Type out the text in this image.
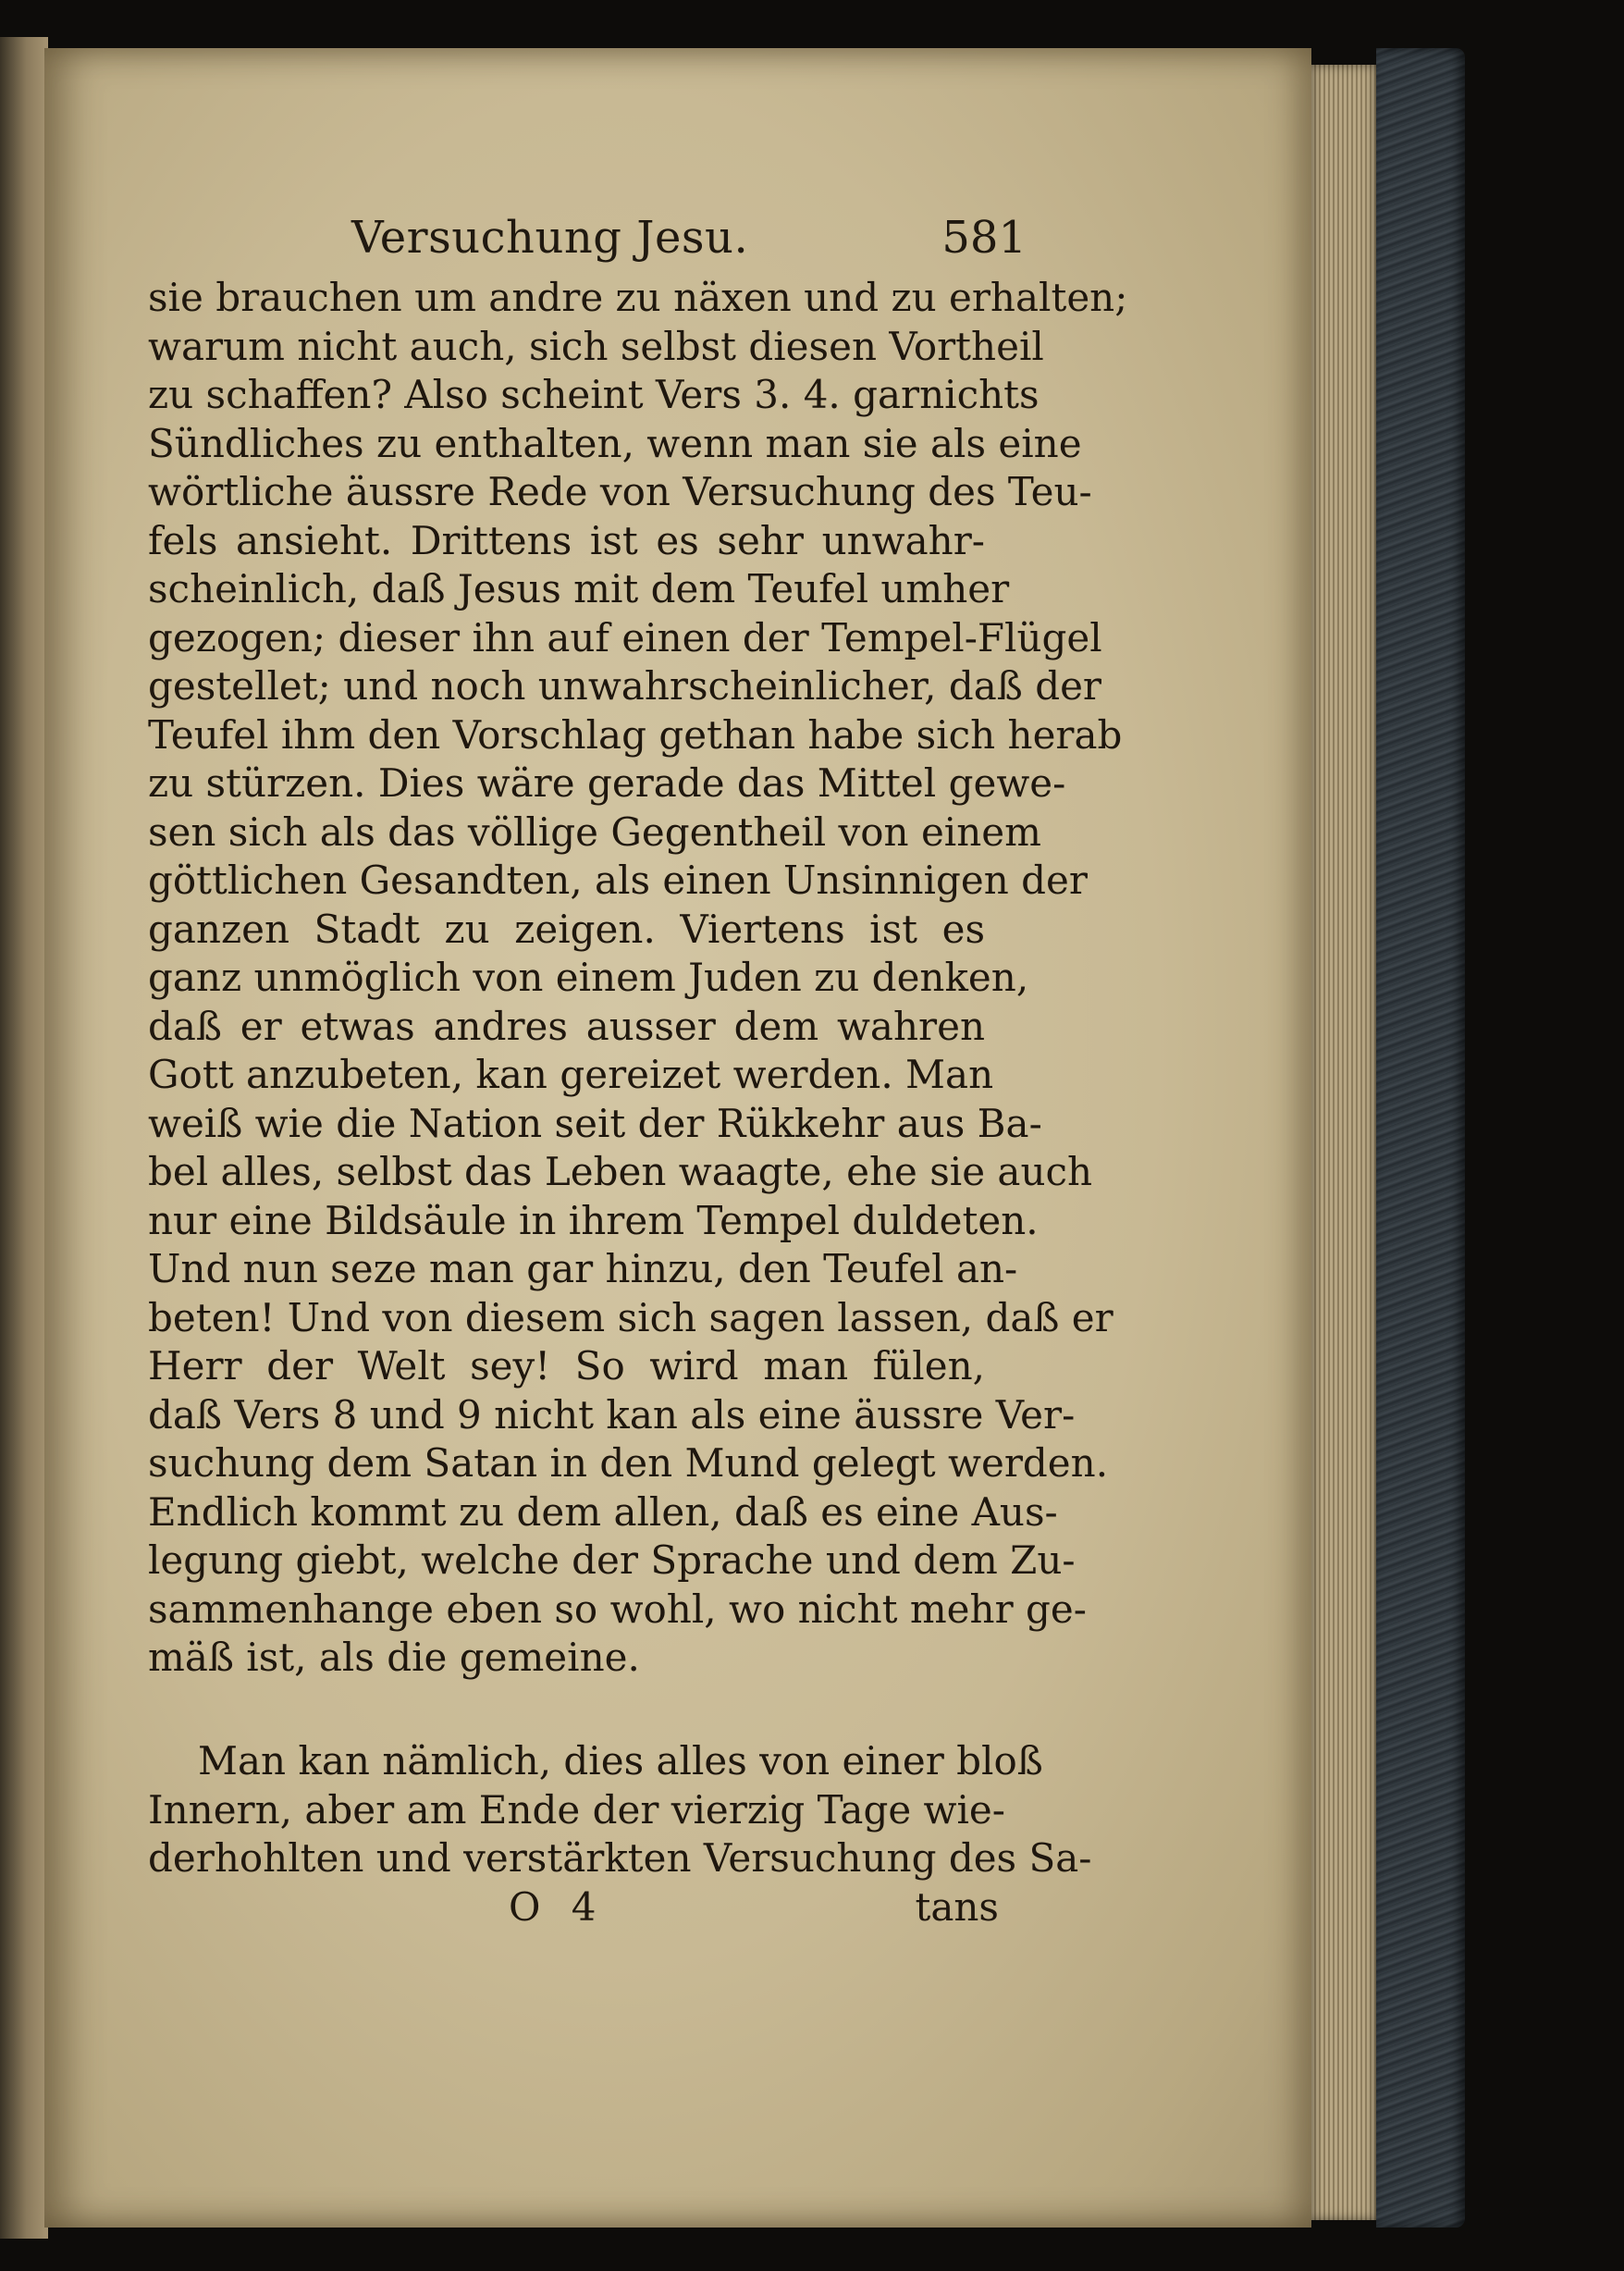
Versuchung Jesu.	581
sie brauchen um andre zu näxen und zu erhalten;
warum nicht auch, sich selbst diesen Vortheil
zu schaffen? Also scheint Vers 3. 4. garnichts
Sündliches zu enthalten, wenn man sie als eine
wörtliche äussre Rede von Versuchung des Teu-
fels ansieht. Drittens ist es sehr unwahr-
scheinlich, daß Jesus mit dem Teufel umher
gezogen; dieser ihn auf einen der Tempel-Flügel
gestellet; und noch unwahrscheinlicher, daß der
Teufel ihm den Vorschlag gethan habe sich herab
zu stürzen. Dies wäre gerade das Mittel gewe-
sen sich als das völlige Gegentheil von einem
göttlichen Gesandten, als einen Unsinnigen der
ganzen Stadt zu zeigen. Viertens ist es
ganz unmöglich von einem Juden zu denken,
daß er etwas andres ausser dem wahren
Gott anzubeten, kan gereizet werden. Man
weiß wie die Nation seit der Rükkehr aus Ba-
bel alles, selbst das Leben waagte, ehe sie auch
nur eine Bildsäule in ihrem Tempel duldeten.
Und nun seze man gar hinzu, den Teufel an-
beten! Und von diesem sich sagen lassen, daß er
Herr der Welt sey! So wird man fülen,
daß Vers 8 und 9 nicht kan als eine äussre Ver-
suchung dem Satan in den Mund gelegt werden.
Endlich kommt zu dem allen, daß es eine Aus-
legung giebt, welche der Sprache und dem Zu-
sammenhange eben so wohl, wo nicht mehr ge-
mäß ist, als die gemeine.
Man kan nämlich, dies alles von einer bloß
Innern, aber am Ende der vierzig Tage wie-
derhohlten und verstärkten Versuchung des Sa-
O 4	tans
